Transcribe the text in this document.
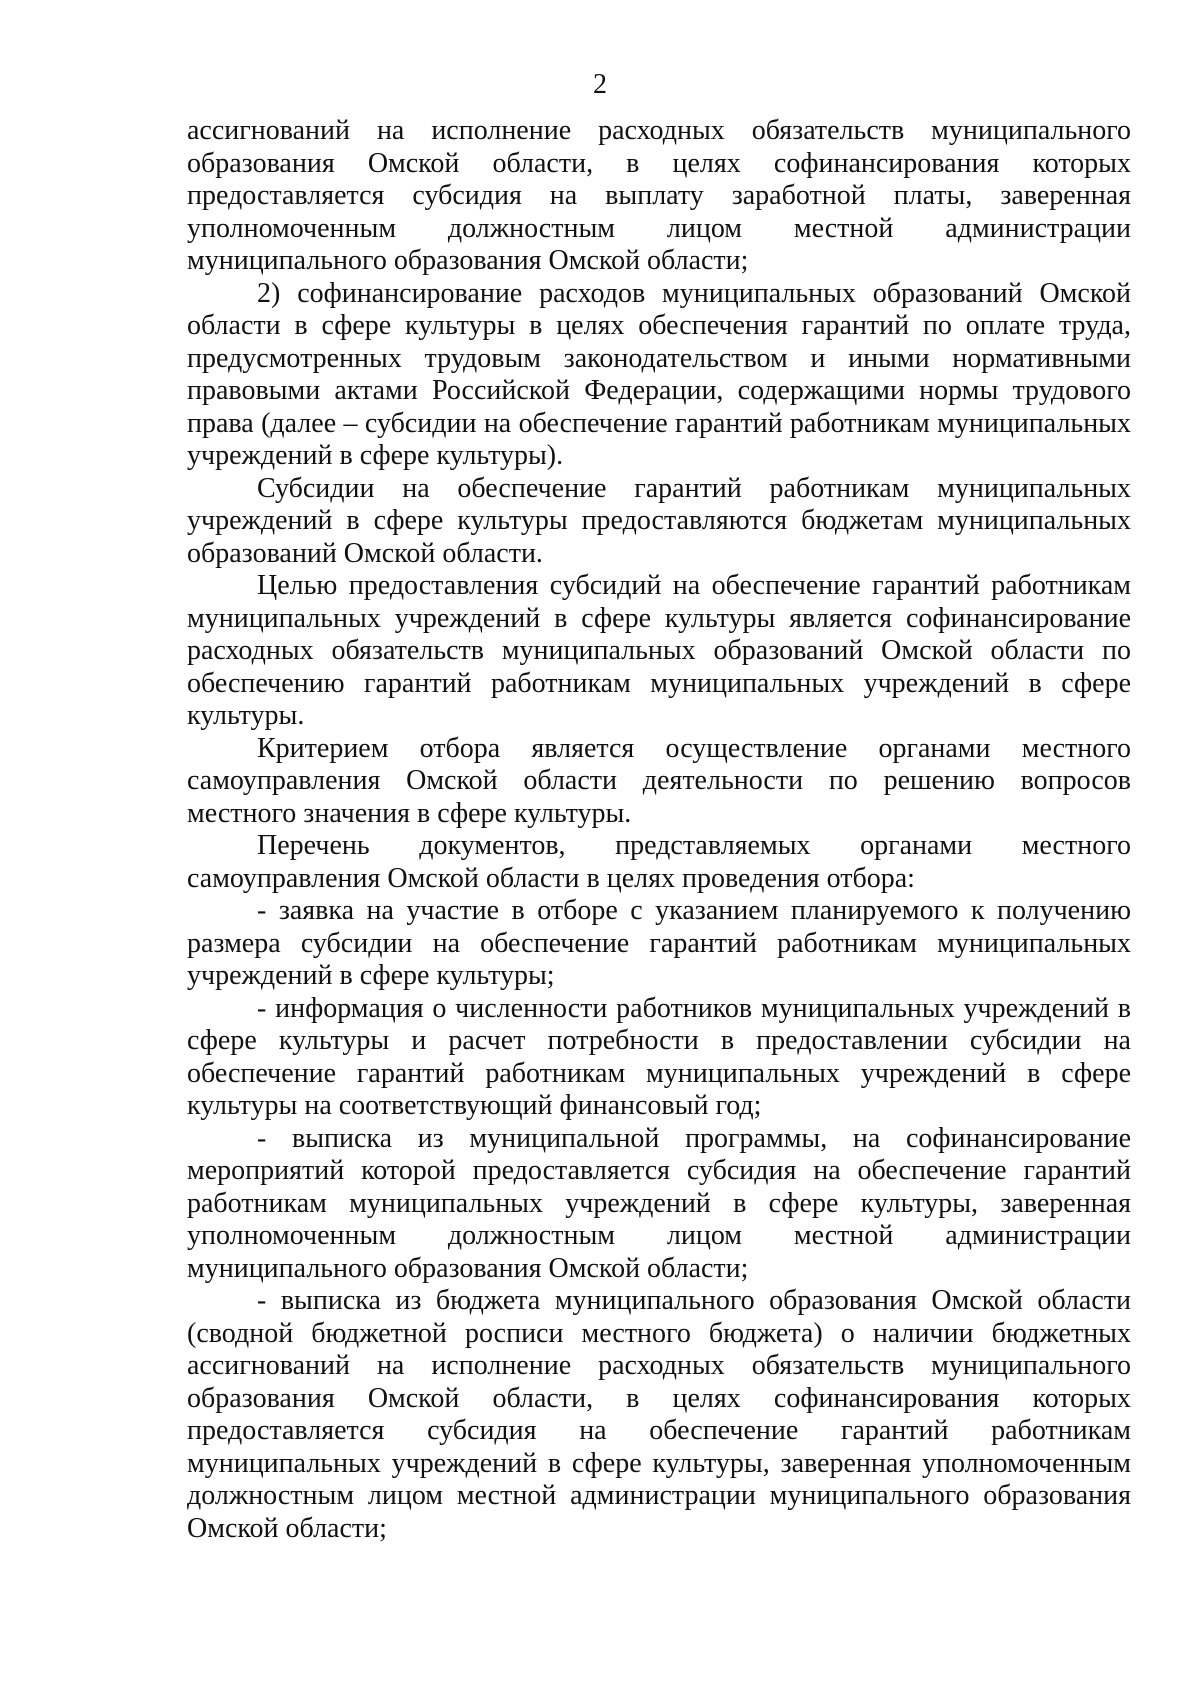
2

ассигнований на исполнение расходных обязательств муниципального образования Омской области, в целях софинансирования которых предоставляется субсидия на выплату заработной платы, заверенная уполномоченным должностным лицом местной администрации муниципального образования Омской области;

2) софинансирование расходов муниципальных образований Омской области в сфере культуры в целях обеспечения гарантий по оплате труда, предусмотренных трудовым законодательством и иными нормативными правовыми актами Российской Федерации, содержащими нормы трудового права (далее – субсидии на обеспечение гарантий работникам муниципальных учреждений в сфере культуры).

Субсидии на обеспечение гарантий работникам муниципальных учреждений в сфере культуры предоставляются бюджетам муниципальных образований Омской области.

Целью предоставления субсидий на обеспечение гарантий работникам муниципальных учреждений в сфере культуры является софинансирование расходных обязательств муниципальных образований Омской области по обеспечению гарантий работникам муниципальных учреждений в сфере культуры.

Критерием отбора является осуществление органами местного самоуправления Омской области деятельности по решению вопросов местного значения в сфере культуры.

Перечень документов, представляемых органами местного самоуправления Омской области в целях проведения отбора:

- заявка на участие в отборе с указанием планируемого к получению размера субсидии на обеспечение гарантий работникам муниципальных учреждений в сфере культуры;

- информация о численности работников муниципальных учреждений в сфере культуры и расчет потребности в предоставлении субсидии на обеспечение гарантий работникам муниципальных учреждений в сфере культуры на соответствующий финансовый год;

- выписка из муниципальной программы, на софинансирование мероприятий которой предоставляется субсидия на обеспечение гарантий работникам муниципальных учреждений в сфере культуры, заверенная уполномоченным должностным лицом местной администрации муниципального образования Омской области;

- выписка из бюджета муниципального образования Омской области (сводной бюджетной росписи местного бюджета) о наличии бюджетных ассигнований на исполнение расходных обязательств муниципального образования Омской области, в целях софинансирования которых предоставляется субсидия на обеспечение гарантий работникам муниципальных учреждений в сфере культуры, заверенная уполномоченным должностным лицом местной администрации муниципального образования Омской области;
